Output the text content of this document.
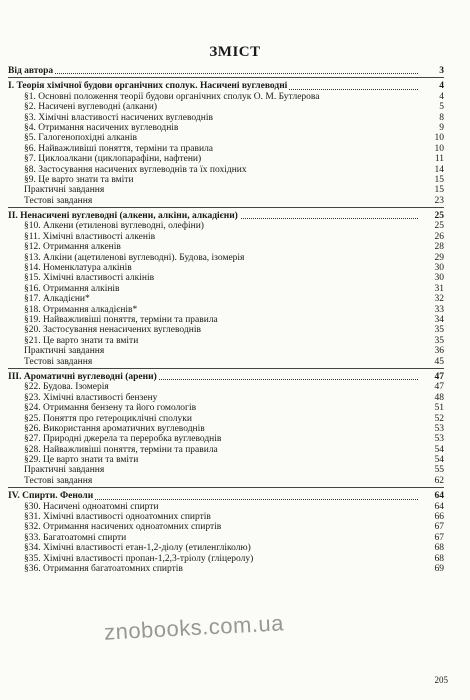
ЗМІСТ
Від автора	3
І. Теорія хімічної будови органічних сполук. Насичені вуглеводні	4
§1. Основні положення теорії будови органічних сполук О. М. Бутлерова	4
§2. Насичені вуглеводні (алкани)	5
§3. Хімічні властивості насичених вуглеводнів	8
§4. Отримання насичених вуглеводнів	9
§5. Галогенопохідні алканів	10
§6. Найважливіші поняття, терміни та правила	10
§7. Циклоалкани (циклопарафіни, нафтени)	11
§8. Застосування насичених вуглеводнів та їх похідних	14
§9. Це варто знати та вміти	15
Практичні завдання	15
Тестові завдання	23
ІІ. Ненасичені вуглеводні (алкени, алкіни, алкадієни)	25
§10. Алке́ни (етиле́нові вуглево́дні, олефіни)	25
§11. Хімічні властивості алкенів	26
§12. Отримання алкенів	28
§13. Алкіни (ацетиле́нові вуглево́дні). Будова, ізомерія	29
§14. Номенклатура алкінів	30
§15. Хімічні властивості алкінів	30
§16. Отримання алкінів	31
§17. Алкадієни*	32
§18. Отримання алкадієнів*	33
§19. Найважливіші поняття, терміни та правила	34
§20. Застосування ненасичених вуглеводнів	35
§21. Це варто знати та вміти	35
Практичні завдання	36
Тестові завдання	45
ІІІ. Ароматичні вуглеводні (аре́ни)	47
§22. Будова. Ізомерія	47
§23. Хімічні властивості бензену	48
§24. Отримання бензену та його гомологів	51
§25. Поняття про гетероциклічні сполуки	52
§26. Використання ароматичних вуглеводнів	53
§27. Природні джерела та переробка вуглеводнів	53
§28. Найважливіші поняття, терміни та правила	54
§29. Це варто знати та вміти	54
Практичні завдання	55
Тестові завдання	62
IV. Спирти. Феноли	64
§30. Насичені одноатомні спирти	64
§31. Хімічні властивості одноатомних спиртів	66
§32. Отримання насичених одноатомних спиртів	67
§33. Багатоатомні спирти	67
§34. Хімічні властивості етан-1,2-діолу (етиленгліколю)	68
§35. Хімічні властивості пропан-1,2,3-тріолу (гліцеролу)	68
§36. Отримання багатоатомних спиртів	69
znobooks.com.ua
205
